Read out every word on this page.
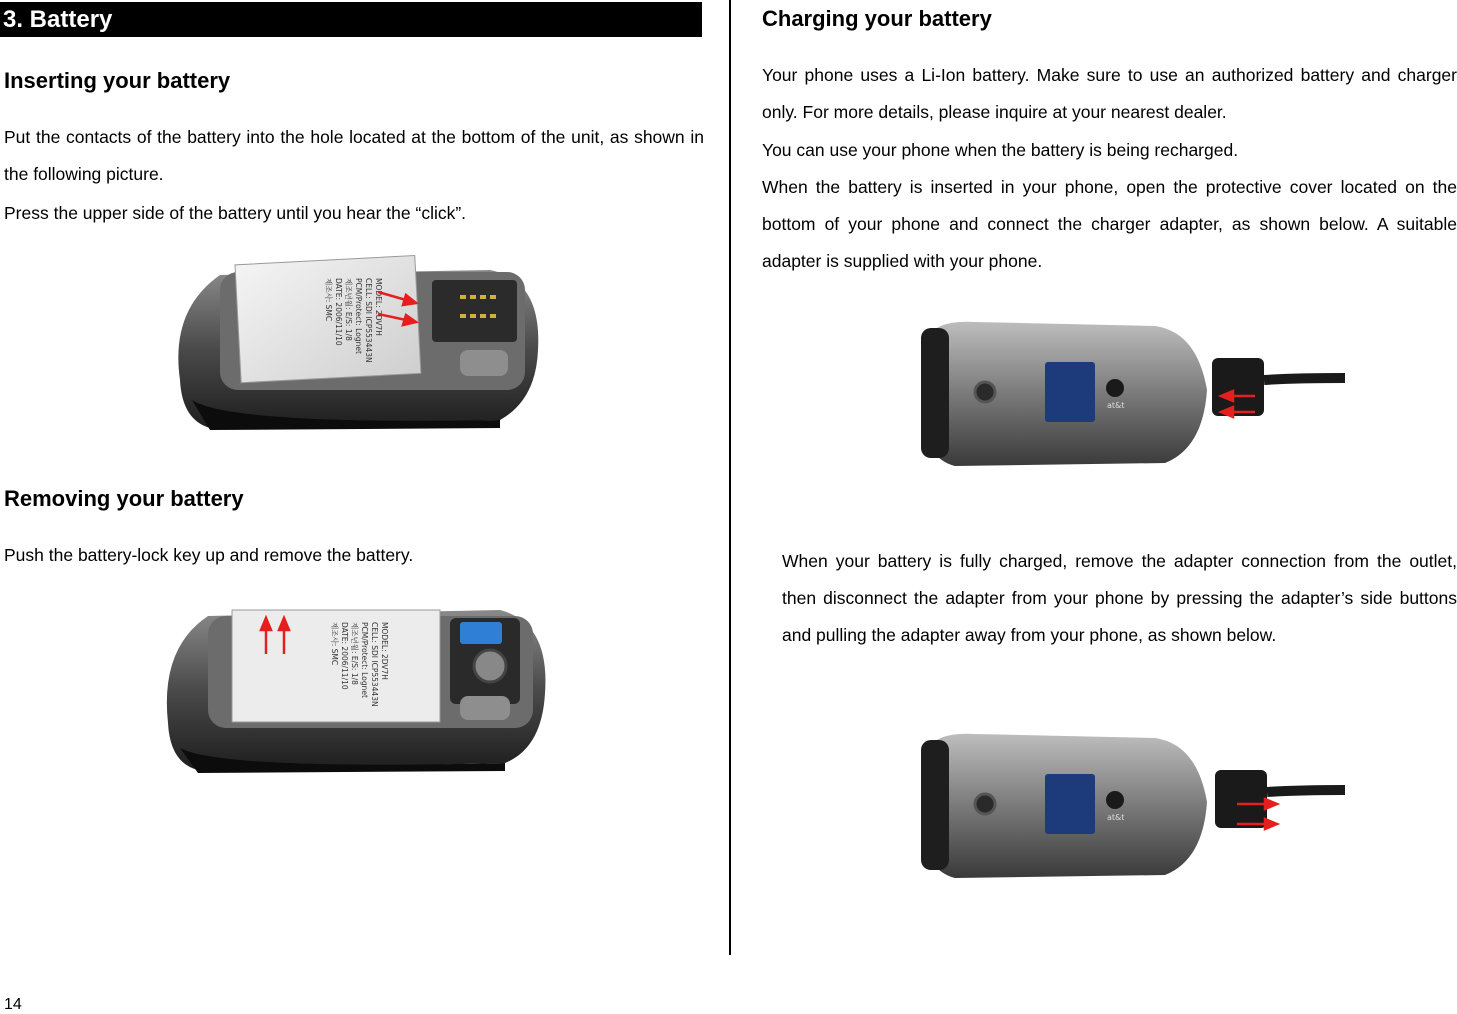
3. Battery
Inserting your battery

Put the contacts of the battery into the hole located at the bottom of the unit, as shown in the following picture.

Press the upper side of the battery until you hear the “click”.

MODEL: 2DV7H
CELL: SDI ICP553443N
PCM/Protect: Lognet
제조년월: E/S: 1/8
DATE: 2006/11/10
제조사: SMC
Removing your battery

Push the battery-lock key up and remove the battery.

MODEL: 2DV7H
CELL: SDI ICP553443N
PCM/Protect: Lognet
제조년월: E/S: 1/8
DATE: 2006/11/10
제조사: SMC
Charging your battery

Your phone uses a Li-Ion battery. Make sure to use an authorized battery and charger only. For more details, please inquire at your nearest dealer.

You can use your phone when the battery is being recharged.

When the battery is inserted in your phone, open the protective cover located on the bottom of your phone and connect the charger adapter, as shown below. A suitable adapter is supplied with your phone.

at&t

When your battery is fully charged, remove the adapter connection from the outlet, then disconnect the adapter from your phone by pressing the adapter’s side buttons and pulling the adapter away from your phone, as shown below.

at&t
14
